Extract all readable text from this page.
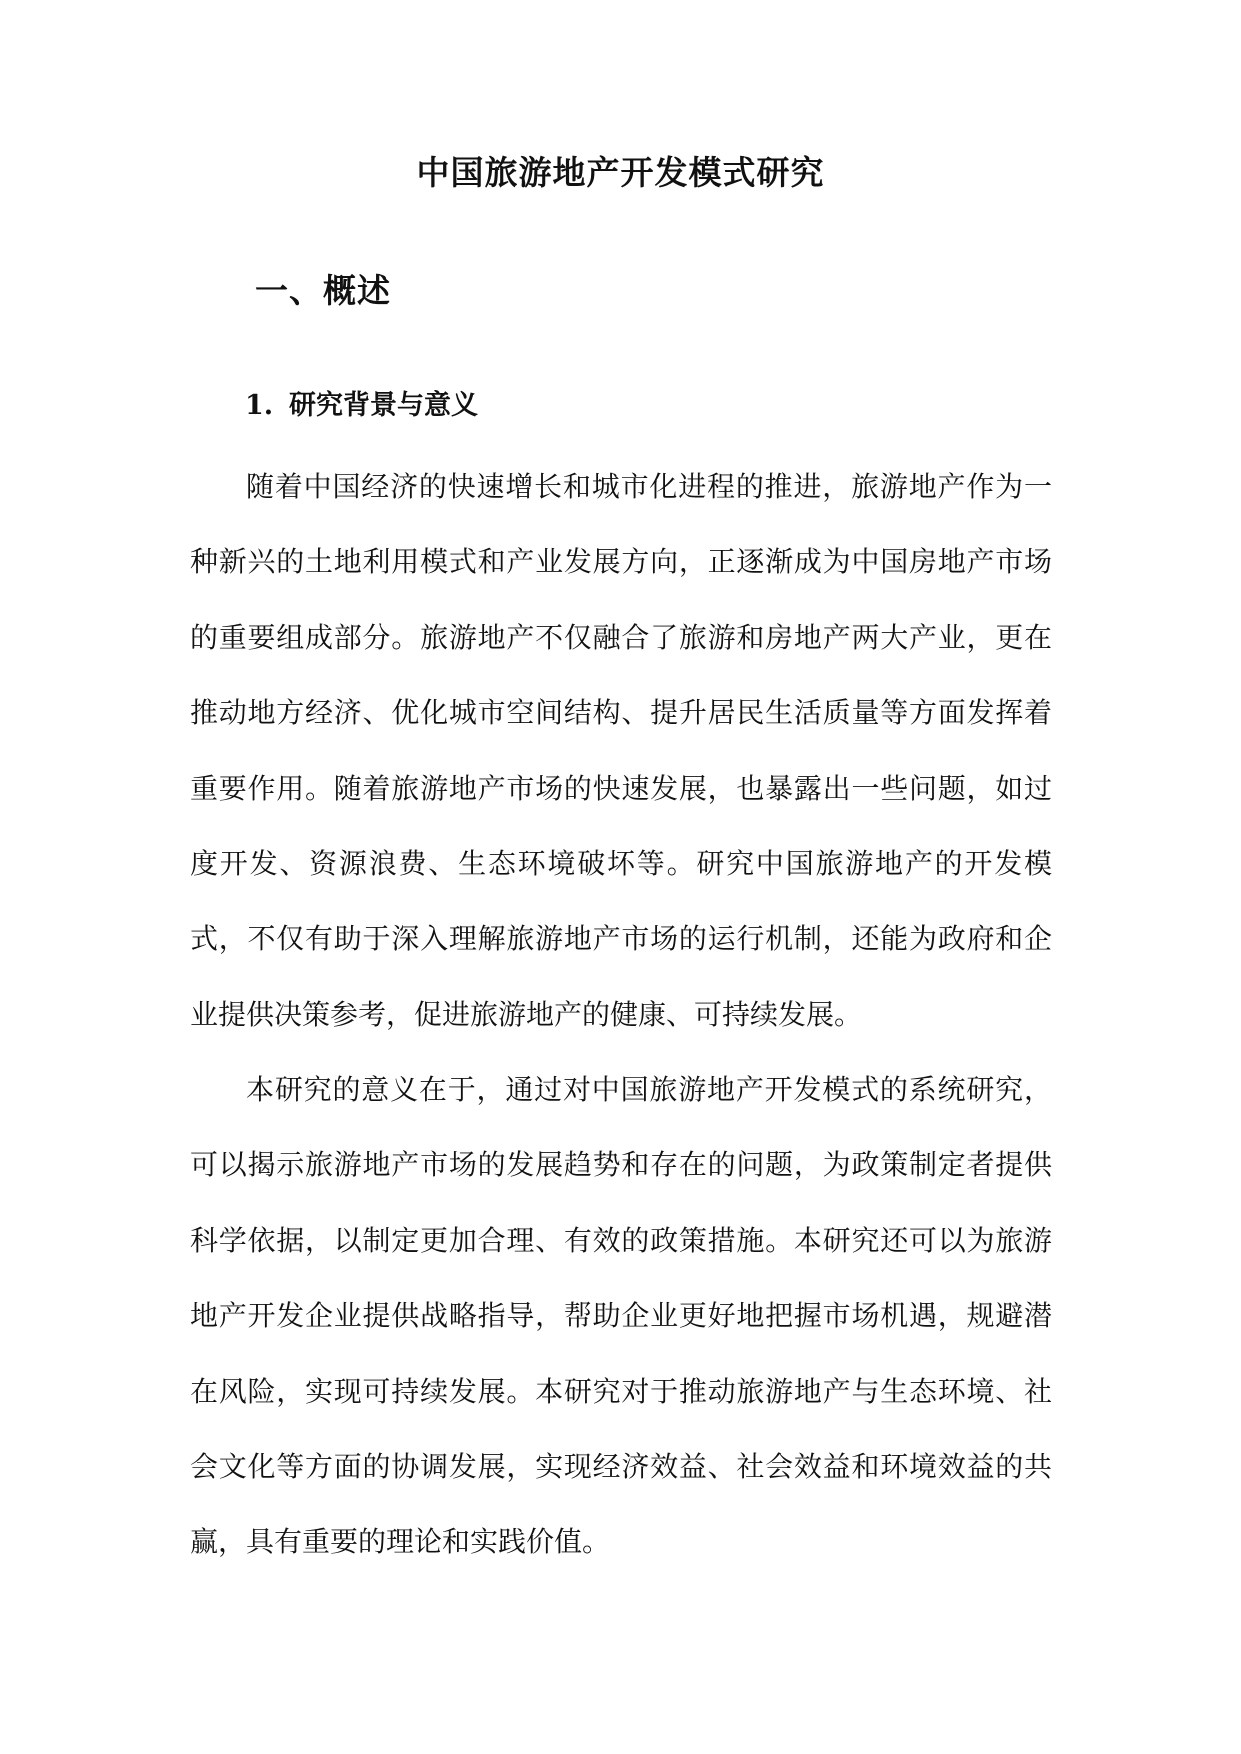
中国旅游地产开发模式研究
一、概述
1. 研究背景与意义

随着中国经济的快速增长和城市化进程的推进，旅游地产作为一种新兴的土地利用模式和产业发展方向，正逐渐成为中国房地产市场的重要组成部分。旅游地产不仅融合了旅游和房地产两大产业，更在推动地方经济、优化城市空间结构、提升居民生活质量等方面发挥着重要作用。随着旅游地产市场的快速发展，也暴露出一些问题，如过度开发、资源浪费、生态环境破坏等。研究中国旅游地产的开发模式，不仅有助于深入理解旅游地产市场的运行机制，还能为政府和企业提供决策参考，促进旅游地产的健康、可持续发展。

本研究的意义在于，通过对中国旅游地产开发模式的系统研究，可以揭示旅游地产市场的发展趋势和存在的问题，为政策制定者提供科学依据，以制定更加合理、有效的政策措施。本研究还可以为旅游地产开发企业提供战略指导，帮助企业更好地把握市场机遇，规避潜在风险，实现可持续发展。本研究对于推动旅游地产与生态环境、社会文化等方面的协调发展，实现经济效益、社会效益和环境效益的共赢，具有重要的理论和实践价值。
